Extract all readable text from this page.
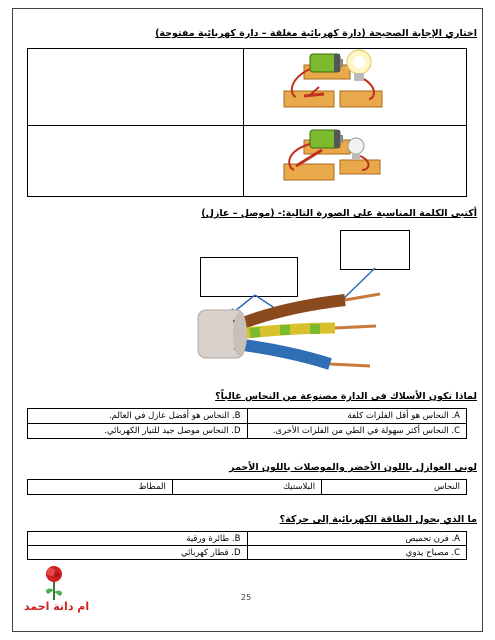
اختاري الإجابة الصحيحة (دارة كهربائية مغلقة – دارة كهربائية مفتوحة)

أكتبي الكلمة المناسبة على الصورة التالية:- (موصل – عازل)
لماذا تكون الأسلاك في الدارة مصنوعة من النحاس غالباً؟
A. النحاس هو أقل الفلزات كلفة	B. النحاس هو أفضل عازل في العالم.
C. النحاس أكثر سهولة في الطي من الفلزات الأخرى.	D. النحاس موصل جيد للتيار الكهربائي.
لوني العوازل باللون الأخضر والموصلات باللون الأحمر
النحاس	البلاستيك	المطاط
ما الذي يحول الطاقة الكهربائية إلى حركة؟
A. فرن تحميص	B. طائرة ورقية
C. مصباح يدوي	D. قطار كهربائي
ام دانة احمد
25
